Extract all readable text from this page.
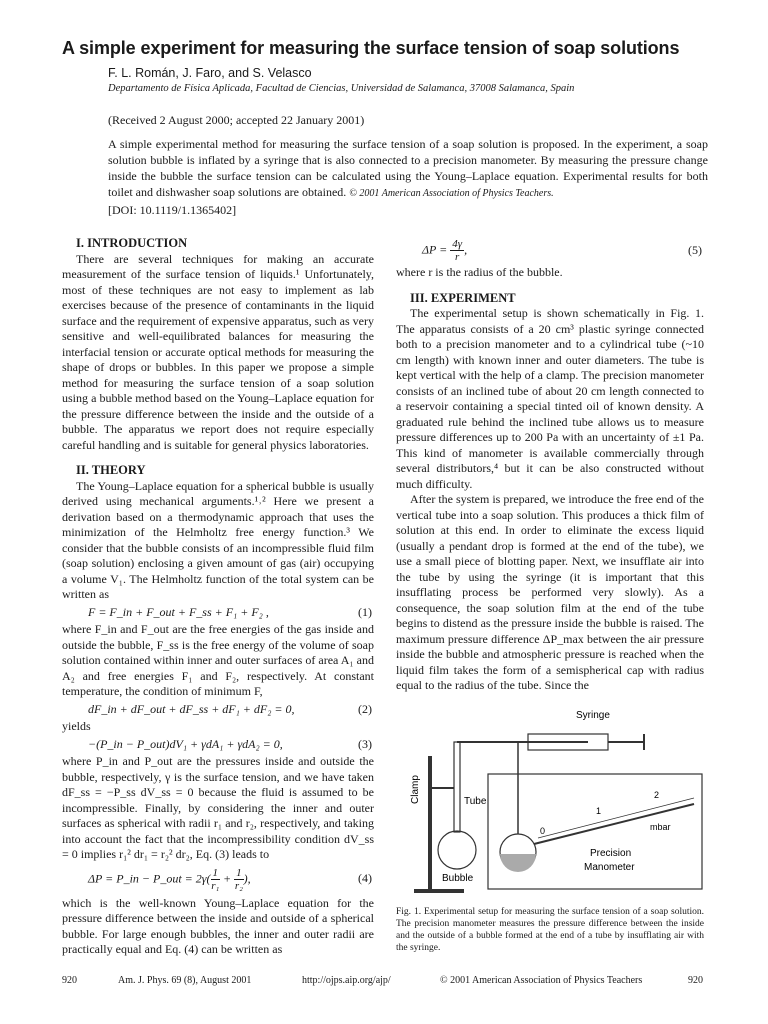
A simple experiment for measuring the surface tension of soap solutions
F. L. Román, J. Faro, and S. Velasco
Departamento de Física Aplicada, Facultad de Ciencias, Universidad de Salamanca, 37008 Salamanca, Spain
(Received 2 August 2000; accepted 22 January 2001)
A simple experimental method for measuring the surface tension of a soap solution is proposed. In the experiment, a soap solution bubble is inflated by a syringe that is also connected to a precision manometer. By measuring the pressure change inside the bubble the surface tension can be calculated using the Young–Laplace equation. Experimental results for both toilet and dishwasher soap solutions are obtained. © 2001 American Association of Physics Teachers.
[DOI: 10.1119/1.1365402]

I. INTRODUCTION

There are several techniques for making an accurate measurement of the surface tension of liquids.¹ Unfortunately, most of these techniques are not easy to implement as lab exercises because of the presence of contaminants in the liquid surface and the requirement of expensive apparatus, such as very sensitive and well-equilibrated balances for measuring the interfacial tension or accurate optical methods for measuring the shape of drops or bubbles. In this paper we propose a simple method for measuring the surface tension of a soap solution using a bubble method based on the Young–Laplace equation for the pressure difference between the inside and the outside of a bubble. The apparatus we report does not require especially careful handling and is suitable for general physics laboratories.

II. THEORY

The Young–Laplace equation for a spherical bubble is usually derived using mechanical arguments.¹˒² Here we present a derivation based on a thermodynamic approach that uses the minimization of the Helmholtz free energy function.³ We consider that the bubble consists of an incompressible fluid film (soap solution) enclosing a given amount of gas (air) occupying a volume V₁. The Helmholtz function of the total system can be written as

F = F_in + F_out + F_ss + F₁ + F₂ ,	(1)

where F_in and F_out are the free energies of the gas inside and outside the bubble, F_ss is the free energy of the volume of soap solution contained within inner and outer surfaces of area A₁ and A₂ and free energies F₁ and F₂, respectively. At constant temperature, the condition of minimum F,

dF_in + dF_out + dF_ss + dF₁ + dF₂ = 0,	(2)

yields

−(P_in − P_out)dV₁ + γdA₁ + γdA₂ = 0,	(3)

where P_in and P_out are the pressures inside and outside the bubble, respectively, γ is the surface tension, and we have taken dF_ss = −P_ss dV_ss = 0 because the fluid is assumed to be incompressible. Finally, by considering the inner and outer surfaces as spherical with radii r₁ and r₂, respectively, and taking into account the fact that the incompressibility condition dV_ss = 0 implies r₁² dr₁ = r₂² dr₂, Eq. (3) leads to

ΔP = P_in − P_out = $2\gamma( \frac{1}{\text{r₁}} + \frac{1}{\text{r₂}}$ ),	(4)

which is the well-known Young–Laplace equation for the pressure difference between the inside and outside of a spherical bubble. For large enough bubbles, the inner and outer radii are practically equal and Eq. (4) can be written as

$\Delta P = \frac{4\gamma}{r}$ ,	(5)

where r is the radius of the bubble.

III. EXPERIMENT

The experimental setup is shown schematically in Fig. 1. The apparatus consists of a 20 cm³ plastic syringe connected both to a precision manometer and to a cylindrical tube (~10 cm length) with known inner and outer diameters. The tube is kept vertical with the help of a clamp. The precision manometer consists of an inclined tube of about 20 cm length connected to a reservoir containing a special tinted oil of known density. A graduated rule behind the inclined tube allows us to measure pressure differences up to 200 Pa with an uncertainty of ±1 Pa. This kind of manometer is available commercially through several distributors,⁴ but it can be also constructed without much difficulty.

After the system is prepared, we introduce the free end of the vertical tube into a soap solution. This produces a thick film of solution at this end. In order to eliminate the excess liquid (usually a pendant drop is formed at the end of the tube), we use a small piece of blotting paper. Next, we insufflate air into the tube by using the syringe (it is important that this insufflating process be performed very slowly). As a consequence, the soap solution film at the end of the tube begins to distend as the pressure inside the bubble is raised. The maximum pressure difference ΔP_max between the air pressure inside the bubble and atmospheric pressure is reached when the liquid film takes the form of a semispherical cap with radius equal to the radius of the tube. Since the

Syringe
Clamp	Tube
Bubble
0
1
2
mbar
Precision
Manometer
Fig. 1. Experimental setup for measuring the surface tension of a soap solution. The precision manometer measures the pressure difference between the inside and the outside of a bubble formed at the end of a tube by insufflating air with the syringe.
920	Am. J. Phys. 69 (8), August 2001	http://ojps.aip.org/ajp/	© 2001 American Association of Physics Teachers	920
